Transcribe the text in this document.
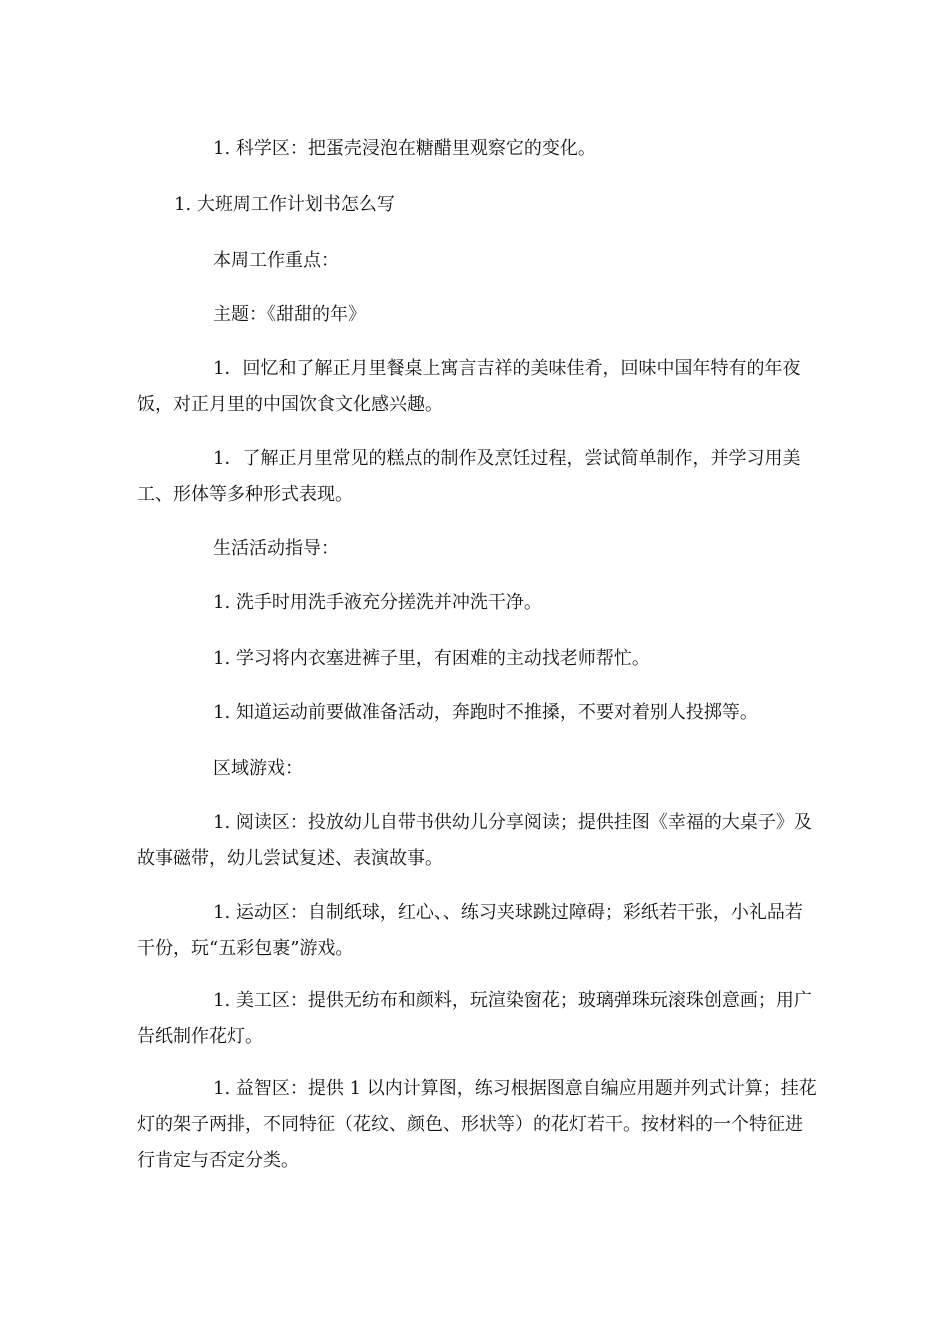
1. 科学区：把蛋壳浸泡在糖醋里观察它的变化。

1. 大班周工作计划书怎么写

本周工作重点：

主题：《甜甜的年》

1．回忆和了解正月里餐桌上寓言吉祥的美味佳肴，回味中国年特有的年夜饭，对正月里的中国饮食文化感兴趣。

1．了解正月里常见的糕点的制作及烹饪过程，尝试简单制作，并学习用美工、形体等多种形式表现。

生活活动指导：

1. 洗手时用洗手液充分搓洗并冲洗干净。

1. 学习将内衣塞进裤子里，有困难的主动找老师帮忙。

1. 知道运动前要做准备活动，奔跑时不推搡，不要对着别人投掷等。

区域游戏：

1. 阅读区：投放幼儿自带书供幼儿分享阅读；提供挂图《幸福的大桌子》及故事磁带，幼儿尝试复述、表演故事。

1. 运动区：自制纸球，红心、、练习夹球跳过障碍；彩纸若干张，小礼品若干份，玩“五彩包裹”游戏。

1. 美工区：提供无纺布和颜料，玩渲染窗花；玻璃弹珠玩滚珠创意画；用广告纸制作花灯。

1. 益智区：提供 1 以内计算图，练习根据图意自编应用题并列式计算；挂花灯的架子两排，不同特征（花纹、颜色、形状等）的花灯若干。按材料的一个特征进行肯定与否定分类。
